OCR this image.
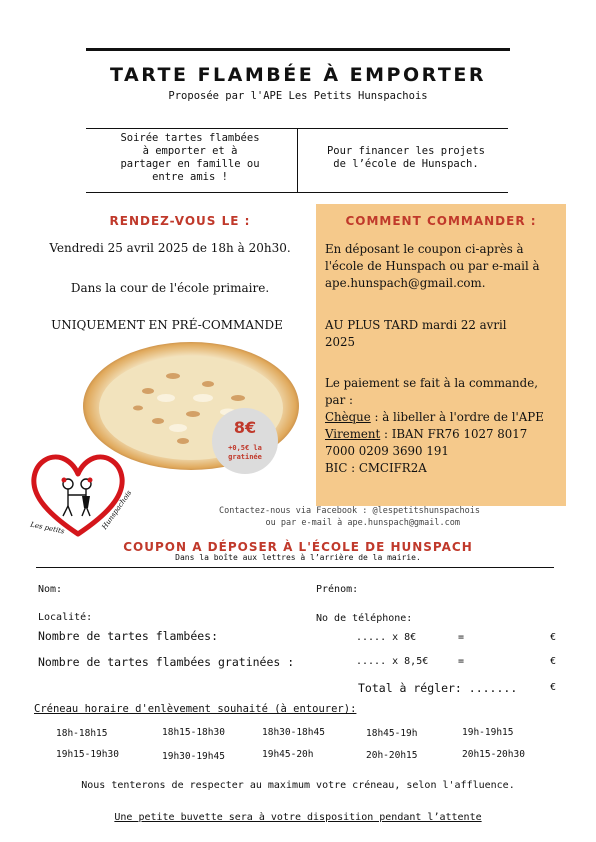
TARTE FLAMBÉE À EMPORTER
Proposée par l'APE Les Petits Hunspachois
Soirée tartes flambées
à emporter et à
partager en famille ou
entre amis !
Pour financer les projets
de l’école de Hunspach.
RENDEZ-VOUS LE :
Vendredi 25 avril 2025 de 18h à 20h30.
Dans la cour de l'école primaire.
UNIQUEMENT EN PRÉ-COMMANDE
8€
+0,5€ la
gratinée
COMMENT COMMANDER :
En déposant le coupon ci-après à
l'école de Hunspach ou par e-mail à
ape.hunspach@gmail.com.
AU PLUS TARD mardi 22 avril
2025
Le paiement se fait à la commande,
par :
Chèque : à libeller à l'ordre de l'APE
Virement : IBAN FR76 1027 8017
7000 0209 3690 191
BIC : CMCIFR2A
Les petits	Hunspachois	Contactez-nous via Facebook : @lespetitshunspachois
ou par e-mail à ape.hunspach@gmail.com
COUPON A DÉPOSER À L'ÉCOLE DE HUNSPACH
Dans la boîte aux lettres à l’arrière de la mairie.
Nom:	Prénom:
Localité:	No de téléphone:
Nombre de tartes flambées:	..... x 8€	=	€
Nombre de tartes flambées gratinées :	..... x 8,5€	=	€
Total à régler: .......	€
Créneau horaire d'enlèvement souhaité (à entourer):
18h-18h15	18h15-18h30	18h30-18h45	18h45-19h	19h-19h15
19h15-19h30	19h30-19h45	19h45-20h	20h-20h15	20h15-20h30
Nous tenterons de respecter au maximum votre créneau, selon l'affluence.
Une petite buvette sera à votre disposition pendant l’attente
